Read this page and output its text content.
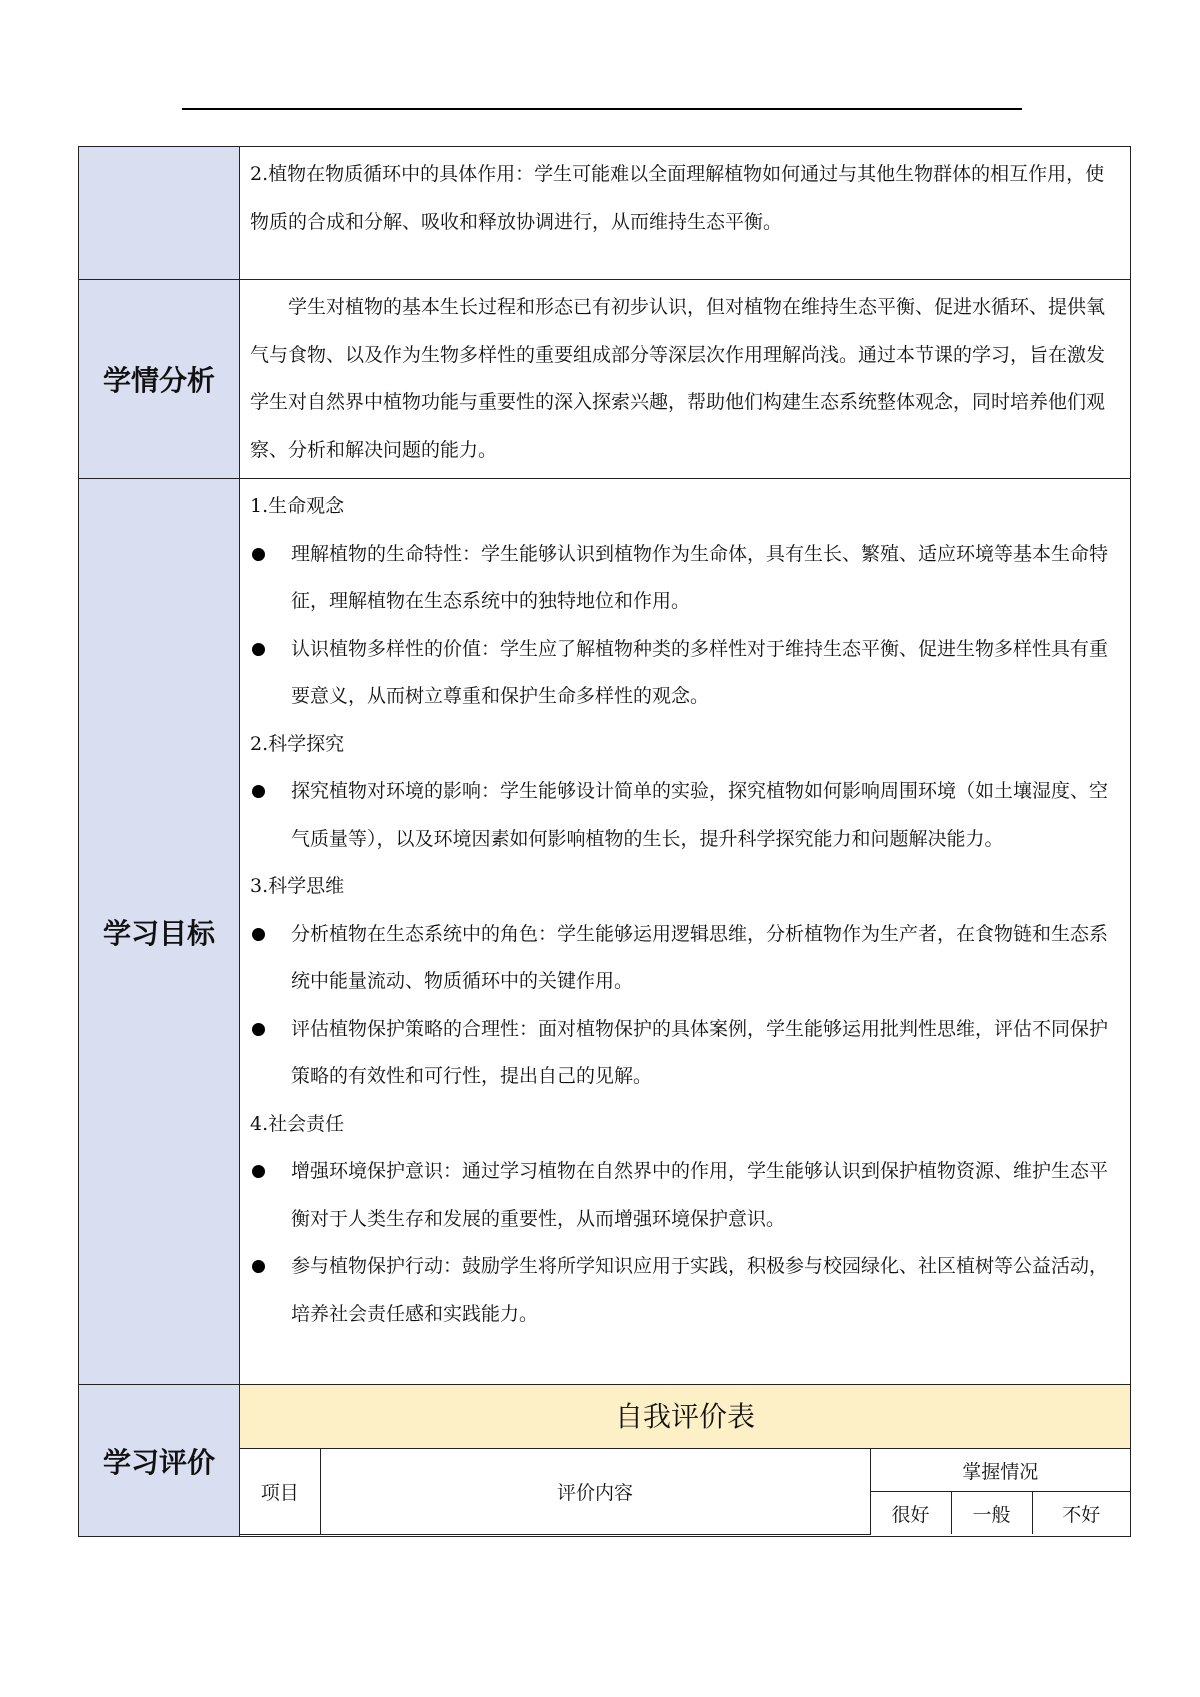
2.植物在物质循环中的具体作用：学生可能难以全面理解植物如何通过与其他生物群体的相互作用，使物质的合成和分解、吸收和释放协调进行，从而维持生态平衡。

学情分析	

学生对植物的基本生长过程和形态已有初步认识，但对植物在维持生态平衡、促进水循环、提供氧气与食物、以及作为生物多样性的重要组成部分等深层次作用理解尚浅。通过本节课的学习，旨在激发学生对自然界中植物功能与重要性的深入探索兴趣，帮助他们构建生态系统整体观念，同时培养他们观察、分析和解决问题的能力。

学习目标	

1.生命观念

理解植物的生命特性：学生能够认识到植物作为生命体，具有生长、繁殖、适应环境等基本生命特征，理解植物在生态系统中的独特地位和作用。
认识植物多样性的价值：学生应了解植物种类的多样性对于维持生态平衡、促进生物多样性具有重要意义，从而树立尊重和保护生命多样性的观念。

2.科学探究

探究植物对环境的影响：学生能够设计简单的实验，探究植物如何影响周围环境（如土壤湿度、空气质量等），以及环境因素如何影响植物的生长，提升科学探究能力和问题解决能力。

3.科学思维

分析植物在生态系统中的角色：学生能够运用逻辑思维，分析植物作为生产者，在食物链和生态系统中能量流动、物质循环中的关键作用。
评估植物保护策略的合理性：面对植物保护的具体案例，学生能够运用批判性思维，评估不同保护策略的有效性和可行性，提出自己的见解。

4.社会责任

增强环境保护意识：通过学习植物在自然界中的作用，学生能够认识到保护植物资源、维护生态平衡对于人类生存和发展的重要性，从而增强环境保护意识。
参与植物保护行动：鼓励学生将所学知识应用于实践，积极参与校园绿化、社区植树等公益活动，培养社会责任感和实践能力。

学习评价	
自我评价表
项目	评价内容	掌握情况
很好	一般	不好
